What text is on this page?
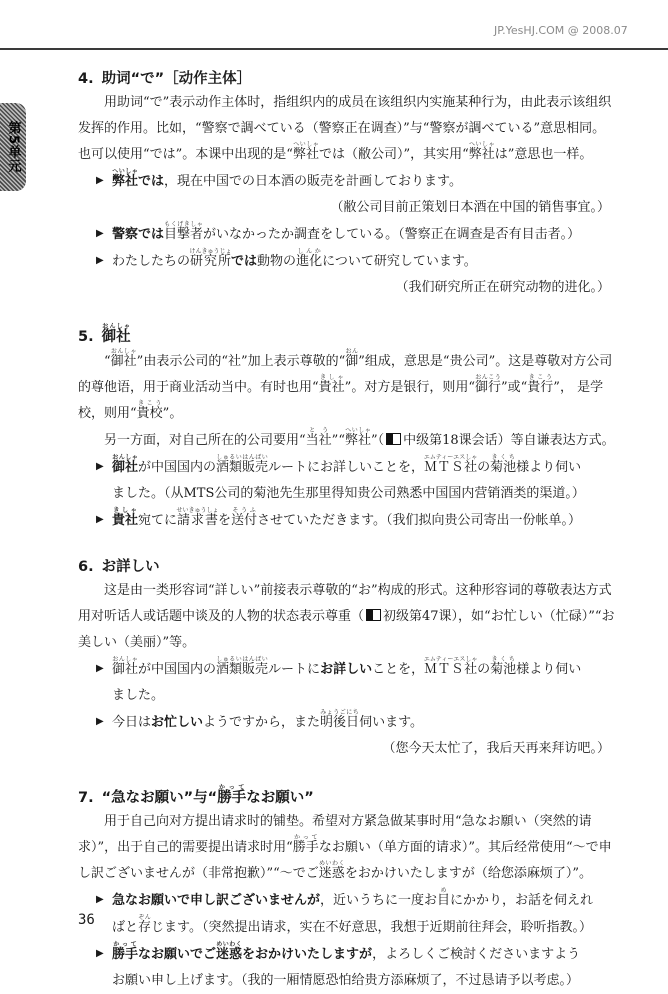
JP.YesHJ.COM @ 2008.07
第5单元
4. 助词“で”［动作主体］

用助词“で”表示动作主体时，指组织内的成员在该组织内实施某种行为，由此表示该组织发挥的作用。比如，“警察で調べている（警察正在调查）”与“警察が調べている”意思相同。也可以使用“では”。本课中出现的是“弊社へいしゃでは（敝公司）”，其实用“弊社へいしゃは”意思也一样。

▶ 弊社へいしゃでは，現在中国での日本酒の販売を計画しております。
（敝公司目前正策划日本酒在中国的销售事宜。）
▶ 警察では目撃者もくげきしゃがいなかったか調査をしている。（警察正在调查是否有目击者。）
▶ わたしたちの研究所けんきゅうじょでは動物の進化しんかについて研究しています。
（我们研究所正在研究动物的进化。）
5. 御社おんしゃ

“御社おんしゃ”由表示公司的“社”加上表示尊敬的“御おん”组成，意思是“贵公司”。这是尊敬对方公司的尊他语，用于商业活动当中。有时也用“貴社きしゃ”。对方是银行，则用“御行おんこう”或“貴行きこう”， 是学校，则用“貴校きこう”。

另一方面，对自己所在的公司要用“当社とう”“弊社へいしゃ”（ 中级第18课会话）等自谦表达方式。

▶ 御社おんしゃが中国国内の酒類販売しゅるいはんばいルートにお詳しいことを，ＭＴＳ社エムティーエスしゃの菊池きくち様より伺い
ました。（从MTS公司的菊池先生那里得知贵公司熟悉中国国内营销酒类的渠道。）
▶ 貴社きしゃ宛てに請求書せいきゅうしょを送付そうふさせていただきます。（我们拟向贵公司寄出一份帐单。）
6. お詳しい

这是由一类形容词“詳しい”前接表示尊敬的“お”构成的形式。这种形容词的尊敬表达方式用对听话人或话题中谈及的人物的状态表示尊重（ 初级第47课），如“お忙しい（忙碌）”“お美しい（美丽）”等。

▶ 御社おんしゃが中国国内の酒類販売しゅるいはんばいルートにお詳しいことを，ＭＴＳ社エムティーエスしゃの菊池きくち様より伺い
ました。
▶ 今日はお忙しいようですから，また明後日みょうごにち伺います。
（您今天太忙了，我后天再来拜访吧。）
7. “急なお願い”与“勝手かってなお願い”

用于自己向对方提出请求时的铺垫。希望对方紧急做某事时用“急なお願い（突然的请求）”，出于自己的需要提出请求时用“勝手かってなお願い（单方面的请求）”。其后经常使用“～で申し訳ございませんが（非常抱歉）”“～でご迷惑めいわくをおかけいたしますが（给您添麻烦了）”。

▶ 急なお願いで申し訳ございませんが，近いうちに一度お目めにかかり，お話を伺えれ
ばと存ぞんじます。（突然提出请求，实在不好意思，我想于近期前往拜会，聆听指教。）
▶ 勝手かってなお願いでご迷惑めいわくをおかけいたしますが，よろしくご検討くださいますよう
お願い申し上げます。（我的一厢情愿恐怕给贵方添麻烦了，不过恳请予以考虑。）
36
